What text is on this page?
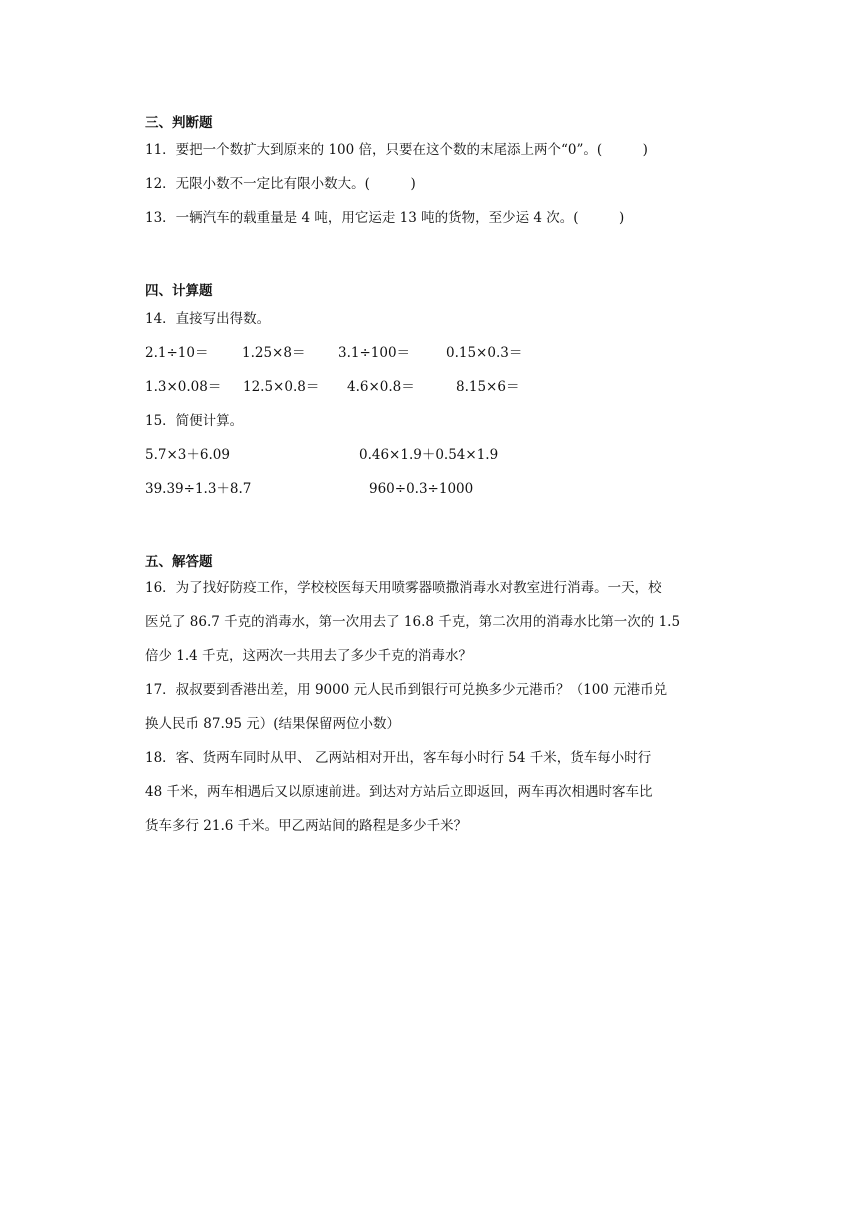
三、判断题
11．要把一个数扩大到原来的 100 倍，只要在这个数的末尾添上两个“0”。(　　　)
12．无限小数不一定比有限小数大。(　　　)
13．一辆汽车的载重量是 4 吨，用它运走 13 吨的货物，至少运 4 次。(　　　)
四、计算题
14．直接写出得数。
2.1÷10＝ 1.25×8＝ 3.1÷100＝	0.15×0.3＝
1.3×0.08＝ 12.5×0.8＝ 4.6×0.8＝	8.15×6＝
15．简便计算。
5.7×3＋6.09	0.46×1.9＋0.54×1.9
39.39÷1.3＋8.7	960÷0.3÷1000
五、解答题
16．为了找好防疫工作，学校校医每天用喷雾器喷撒消毒水对教室进行消毒。一天，校
医兑了 86.7 千克的消毒水，第一次用去了 16.8 千克，第二次用的消毒水比第一次的 1.5
倍少 1.4 千克，这两次一共用去了多少千克的消毒水？
17．叔叔要到香港出差，用 9000 元人民币到银行可兑换多少元港币？（100 元港币兑
换人民币 87.95 元）(结果保留两位小数）
18．客、货两车同时从甲、 乙两站相对开出，客车每小时行 54 千米，货车每小时行
48 千米，两车相遇后又以原速前进。到达对方站后立即返回，两车再次相遇时客车比
货车多行 21.6 千米。甲乙两站间的路程是多少千米？
